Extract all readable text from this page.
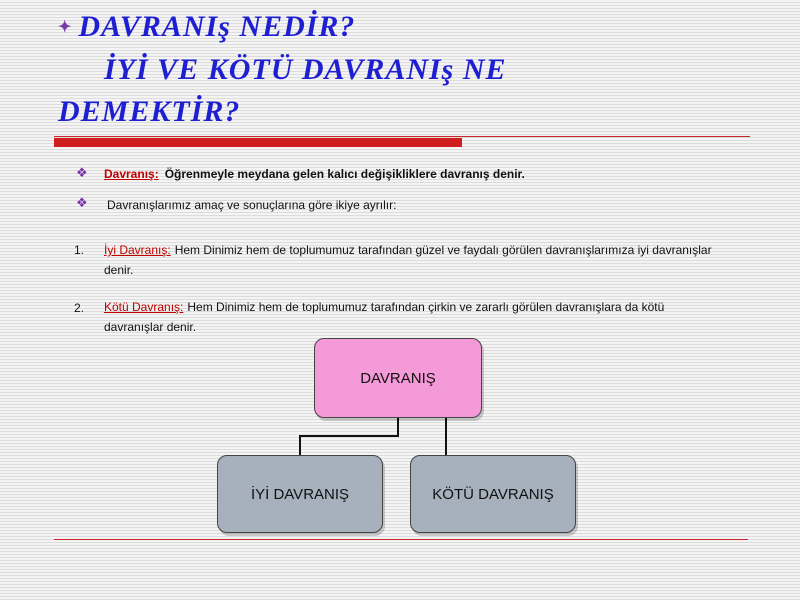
✦ DAVRANIş NEDİR?
İYİ VE KÖTÜ DAVRANIş NE
DEMEKTİR?
❖ Davranış: Öğrenmeyle meydana gelen kalıcı değişikliklere davranış denir.
❖ Davranışlarımız amaç ve sonuçlarına göre ikiye ayrılır:
1. İyi Davranış: Hem Dinimiz hem de toplumumuz tarafından güzel ve faydalı görülen davranışlarımıza iyi davranışlar denir.
2. Kötü Davranış: Hem Dinimiz hem de toplumumuz tarafından çirkin ve zararlı görülen davranışlara da kötü davranışlar denir.
DAVRANIŞ
İYİ DAVRANIŞ	KÖTÜ DAVRANIŞ
